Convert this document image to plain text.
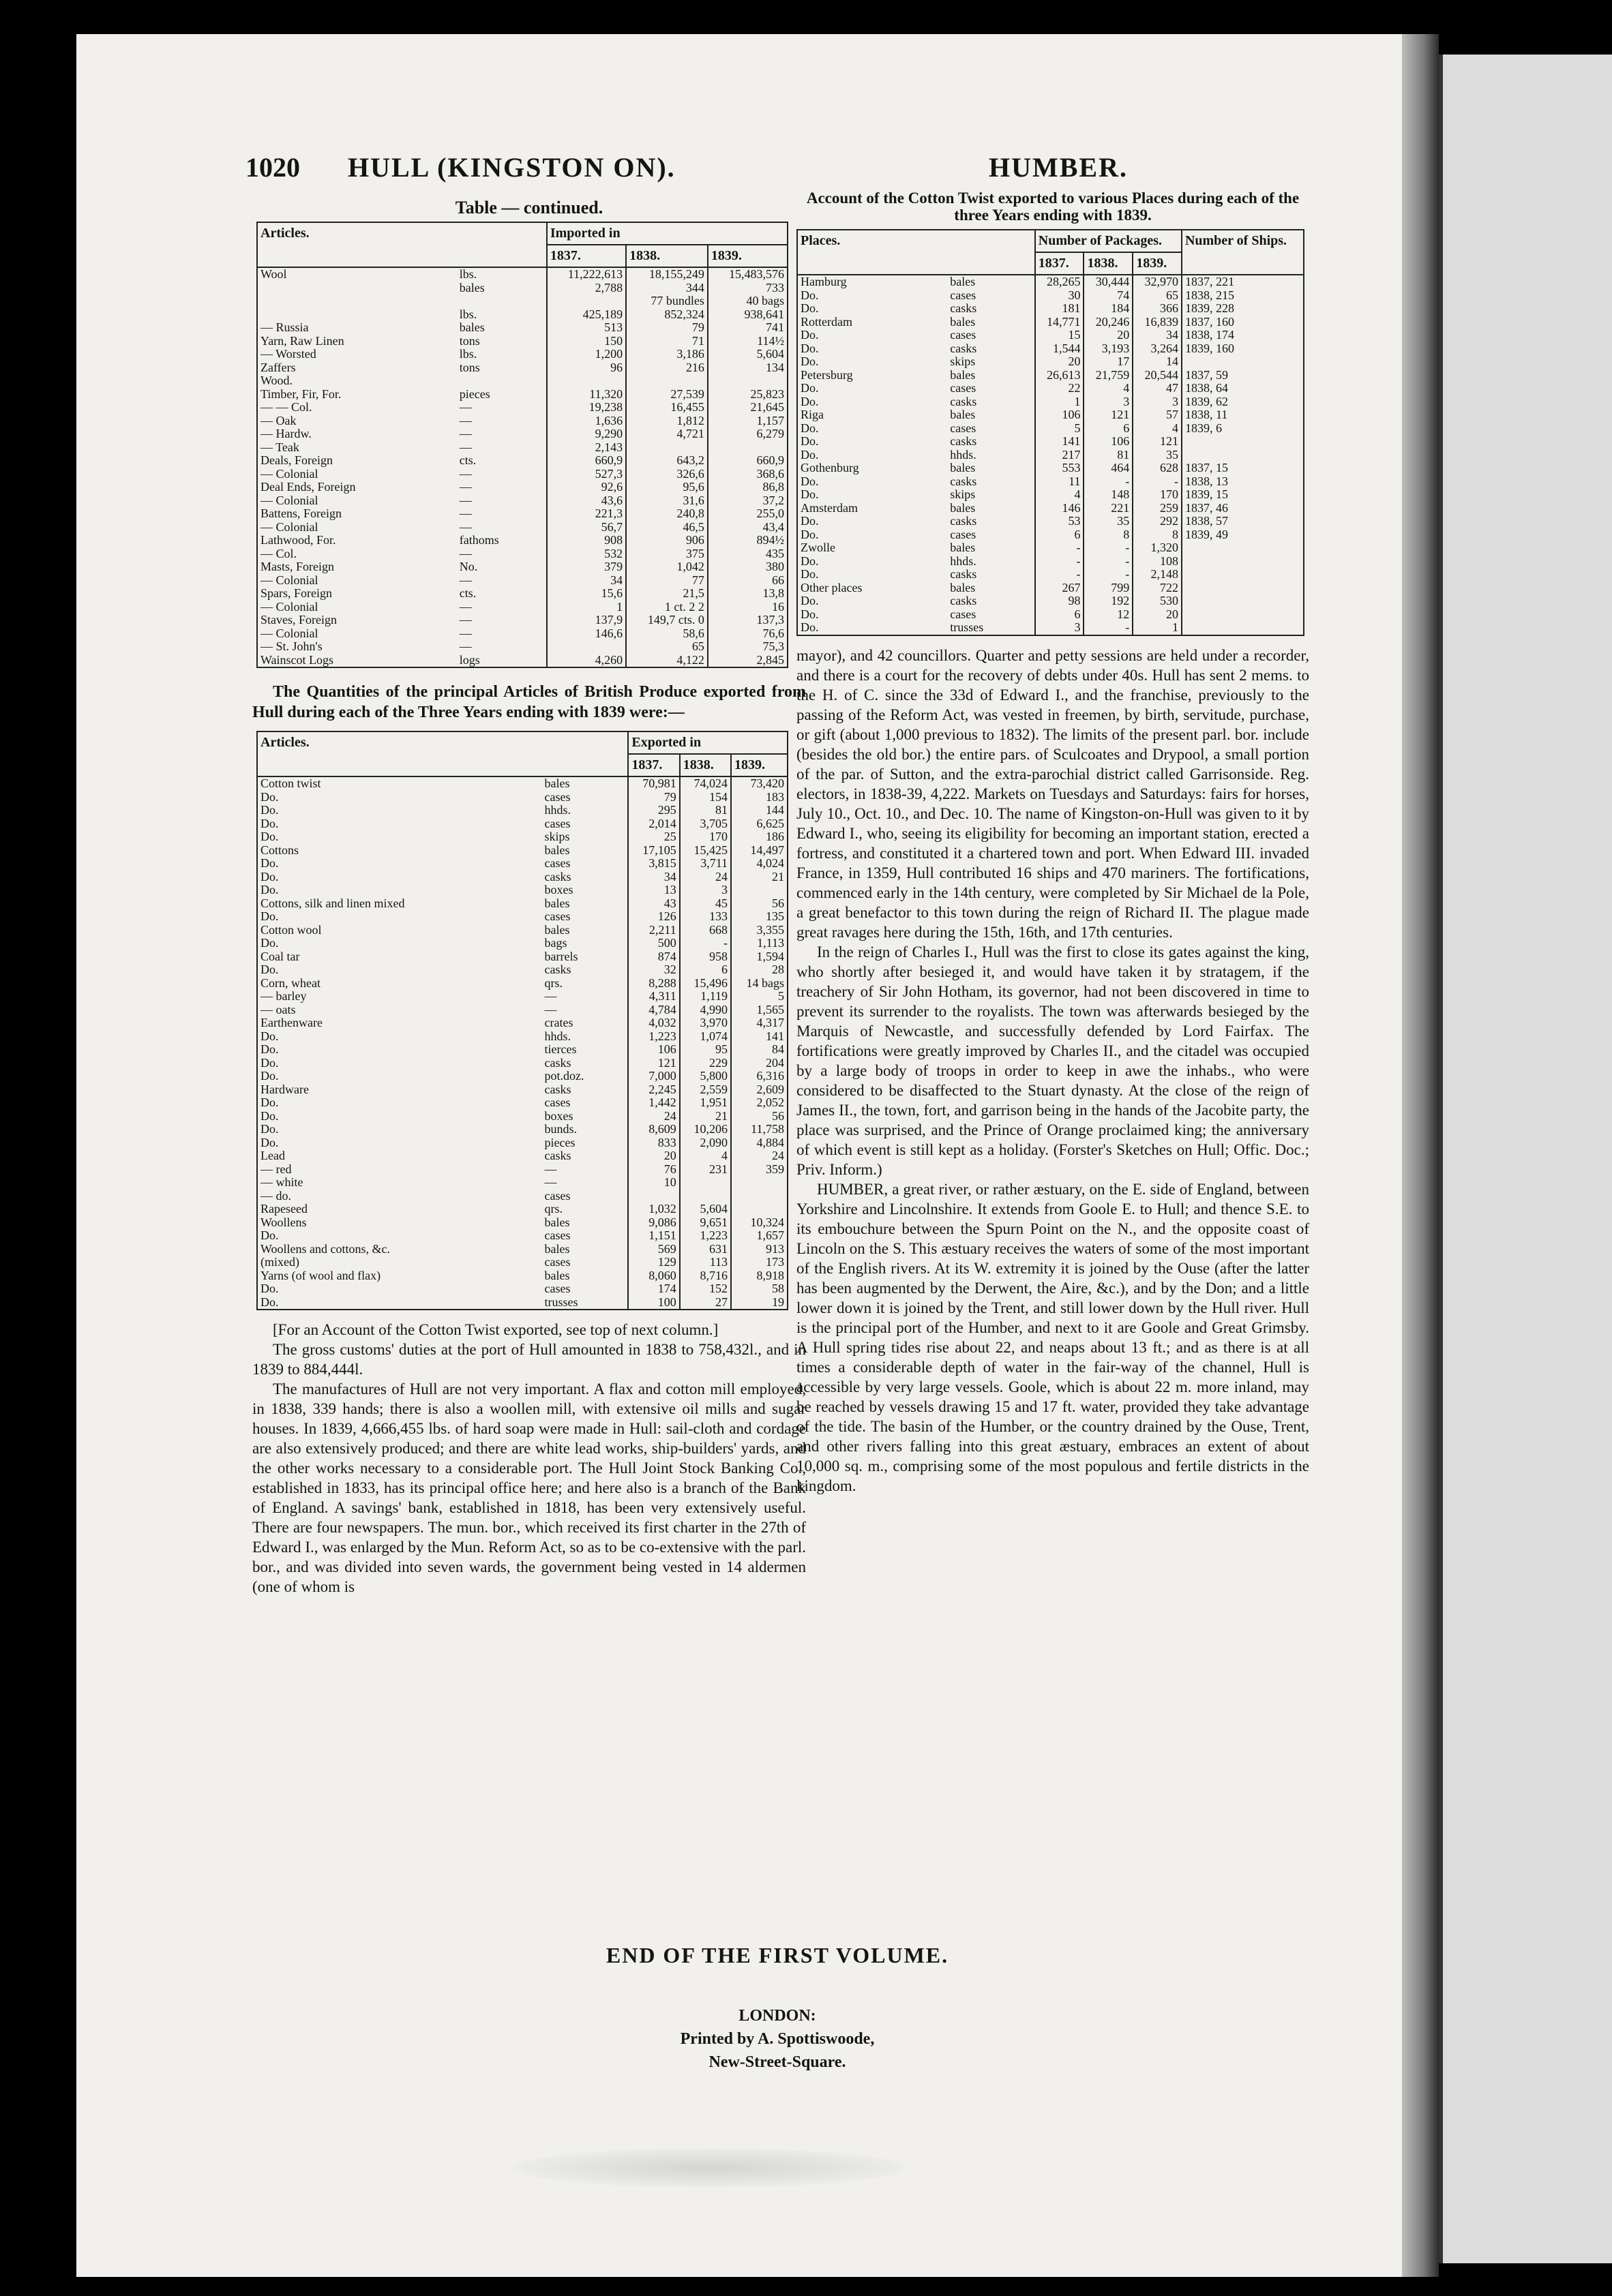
1020 HULL (KINGSTON ON).	HUMBER.
Table — continued.
Articles.		Imported in		
		1837.	1838.	1839.
Wool	lbs.	11,222,613	18,155,249	15,483,576
	bales	2,788	344	733
			77 bundles	40 bags
	lbs.	425,189	852,324	938,641
— Russia	bales	513	79	741
Yarn, Raw Linen	tons	150	71	114½
— Worsted	lbs.	1,200	3,186	5,604
Zaffers	tons	96	216	134
Wood.				
Timber, Fir, For.	pieces	11,320	27,539	25,823
— — Col.	—	19,238	16,455	21,645
— Oak	—	1,636	1,812	1,157
— Hardw.	—	9,290	4,721	6,279
— Teak	—	2,143		
Deals, Foreign	cts.	660,9	643,2	660,9
— Colonial	—	527,3	326,6	368,6
Deal Ends, Foreign	—	92,6	95,6	86,8
— Colonial	—	43,6	31,6	37,2
Battens, Foreign	—	221,3	240,8	255,0
— Colonial	—	56,7	46,5	43,4
Lathwood, For.	fathoms	908	906	894½
— Col.	—	532	375	435
Masts, Foreign	No.	379	1,042	380
— Colonial	—	34	77	66
Spars, Foreign	cts.	15,6	21,5	13,8
— Colonial	—	1	1 ct. 2 2	16
Staves, Foreign	—	137,9	149,7 cts. 0	137,3
— Colonial	—	146,6	58,6	76,6
— St. John's	—		65	75,3
Wainscot Logs	logs	4,260	4,122	2,845

The Quantities of the principal Articles of British Produce exported from Hull during each of the Three Years ending with 1839 were:—

Articles.		Exported in		
		1837.	1838.	1839.
Cotton twist	bales	70,981	74,024	73,420
Do.	cases	79	154	183
Do.	hhds.	295	81	144
Do.	cases	2,014	3,705	6,625
Do.	skips	25	170	186
Cottons	bales	17,105	15,425	14,497
Do.	cases	3,815	3,711	4,024
Do.	casks	34	24	21
Do.	boxes	13	3	
Cottons, silk and linen mixed	bales	43	45	56
Do.	cases	126	133	135
Cotton wool	bales	2,211	668	3,355
Do.	bags	500	-	1,113
Coal tar	barrels	874	958	1,594
Do.	casks	32	6	28
Corn, wheat	qrs.	8,288	15,496	14 bags
— barley	—	4,311	1,119	5
— oats	—	4,784	4,990	1,565
Earthenware	crates	4,032	3,970	4,317
Do.	hhds.	1,223	1,074	141
Do.	tierces	106	95	84
Do.	casks	121	229	204
Do.	pot.doz.	7,000	5,800	6,316
Hardware	casks	2,245	2,559	2,609
Do.	cases	1,442	1,951	2,052
Do.	boxes	24	21	56
Do.	bunds.	8,609	10,206	11,758
Do.	pieces	833	2,090	4,884
Lead	casks	20	4	24
— red	—	76	231	359
— white	—	10		
— do.	cases			
Rapeseed	qrs.	1,032	5,604	
Woollens	bales	9,086	9,651	10,324
Do.	cases	1,151	1,223	1,657
Woollens and cottons, &c.	bales	569	631	913
(mixed)	cases	129	113	173
Yarns (of wool and flax)	bales	8,060	8,716	8,918
Do.	cases	174	152	58
Do.	trusses	100	27	19

[For an Account of the Cotton Twist exported, see top of next column.]

The gross customs' duties at the port of Hull amounted in 1838 to 758,432l., and in 1839 to 884,444l.

The manufactures of Hull are not very important. A flax and cotton mill employed, in 1838, 339 hands; there is also a woollen mill, with extensive oil mills and sugar houses. In 1839, 4,666,455 lbs. of hard soap were made in Hull: sail-cloth and cordage are also extensively produced; and there are white lead works, ship-builders' yards, and the other works necessary to a considerable port. The Hull Joint Stock Banking Co., established in 1833, has its principal office here; and here also is a branch of the Bank of England. A savings' bank, established in 1818, has been very extensively useful. There are four newspapers. The mun. bor., which received its first charter in the 27th of Edward I., was enlarged by the Mun. Reform Act, so as to be co-extensive with the parl. bor., and was divided into seven wards, the government being vested in 14 aldermen (one of whom is

Account of the Cotton Twist exported to various Places during each of the three Years ending with 1839.
Places.		Number of Packages.			Number of Ships.
		1837.	1838.	1839.	
Hamburg	bales	28,265	30,444	32,970	1837, 221
Do.	cases	30	74	65	1838, 215
Do.	casks	181	184	366	1839, 228
Rotterdam	bales	14,771	20,246	16,839	1837, 160
Do.	cases	15	20	34	1838, 174
Do.	casks	1,544	3,193	3,264	1839, 160
Do.	skips	20	17	14	
Petersburg	bales	26,613	21,759	20,544	1837, 59
Do.	cases	22	4	47	1838, 64
Do.	casks	1	3	3	1839, 62
Riga	bales	106	121	57	1838, 11
Do.	cases	5	6	4	1839, 6
Do.	casks	141	106	121	
Do.	hhds.	217	81	35	
Gothenburg	bales	553	464	628	1837, 15
Do.	casks	11	-	-	1838, 13
Do.	skips	4	148	170	1839, 15
Amsterdam	bales	146	221	259	1837, 46
Do.	casks	53	35	292	1838, 57
Do.	cases	6	8	8	1839, 49
Zwolle	bales	-	-	1,320	
Do.	hhds.	-	-	108	
Do.	casks	-	-	2,148	
Other places	bales	267	799	722	
Do.	casks	98	192	530	
Do.	cases	6	12	20	
Do.	trusses	3	-	1	

mayor), and 42 councillors. Quarter and petty sessions are held under a recorder, and there is a court for the recovery of debts under 40s. Hull has sent 2 mems. to the H. of C. since the 33d of Edward I., and the franchise, previously to the passing of the Reform Act, was vested in freemen, by birth, servitude, purchase, or gift (about 1,000 previous to 1832). The limits of the present parl. bor. include (besides the old bor.) the entire pars. of Sculcoates and Drypool, a small portion of the par. of Sutton, and the extra-parochial district called Garrisonside. Reg. electors, in 1838-39, 4,222. Markets on Tuesdays and Saturdays: fairs for horses, July 10., Oct. 10., and Dec. 10. The name of Kingston-on-Hull was given to it by Edward I., who, seeing its eligibility for becoming an important station, erected a fortress, and constituted it a chartered town and port. When Edward III. invaded France, in 1359, Hull contributed 16 ships and 470 mariners. The fortifications, commenced early in the 14th century, were completed by Sir Michael de la Pole, a great benefactor to this town during the reign of Richard II. The plague made great ravages here during the 15th, 16th, and 17th centuries.

In the reign of Charles I., Hull was the first to close its gates against the king, who shortly after besieged it, and would have taken it by stratagem, if the treachery of Sir John Hotham, its governor, had not been discovered in time to prevent its surrender to the royalists. The town was afterwards besieged by the Marquis of Newcastle, and successfully defended by Lord Fairfax. The fortifications were greatly improved by Charles II., and the citadel was occupied by a large body of troops in order to keep in awe the inhabs., who were considered to be disaffected to the Stuart dynasty. At the close of the reign of James II., the town, fort, and garrison being in the hands of the Jacobite party, the place was surprised, and the Prince of Orange proclaimed king; the anniversary of which event is still kept as a holiday. (Forster's Sketches on Hull; Offic. Doc.; Priv. Inform.)

HUMBER, a great river, or rather æstuary, on the E. side of England, between Yorkshire and Lincolnshire. It extends from Goole E. to Hull; and thence S.E. to its embouchure between the Spurn Point on the N., and the opposite coast of Lincoln on the S. This æstuary receives the waters of some of the most important of the English rivers. At its W. extremity it is joined by the Ouse (after the latter has been augmented by the Derwent, the Aire, &c.), and by the Don; and a little lower down it is joined by the Trent, and still lower down by the Hull river. Hull is the principal port of the Humber, and next to it are Goole and Great Grimsby. A Hull spring tides rise about 22, and neaps about 13 ft.; and as there is at all times a considerable depth of water in the fair-way of the channel, Hull is accessible by very large vessels. Goole, which is about 22 m. more inland, may be reached by vessels drawing 15 and 17 ft. water, provided they take advantage of the tide. The basin of the Humber, or the country drained by the Ouse, Trent, and other rivers falling into this great æstuary, embraces an extent of about 10,000 sq. m., comprising some of the most populous and fertile districts in the kingdom.

END OF THE FIRST VOLUME.
LONDON:
Printed by A. Spottiswoode,
New-Street-Square.
